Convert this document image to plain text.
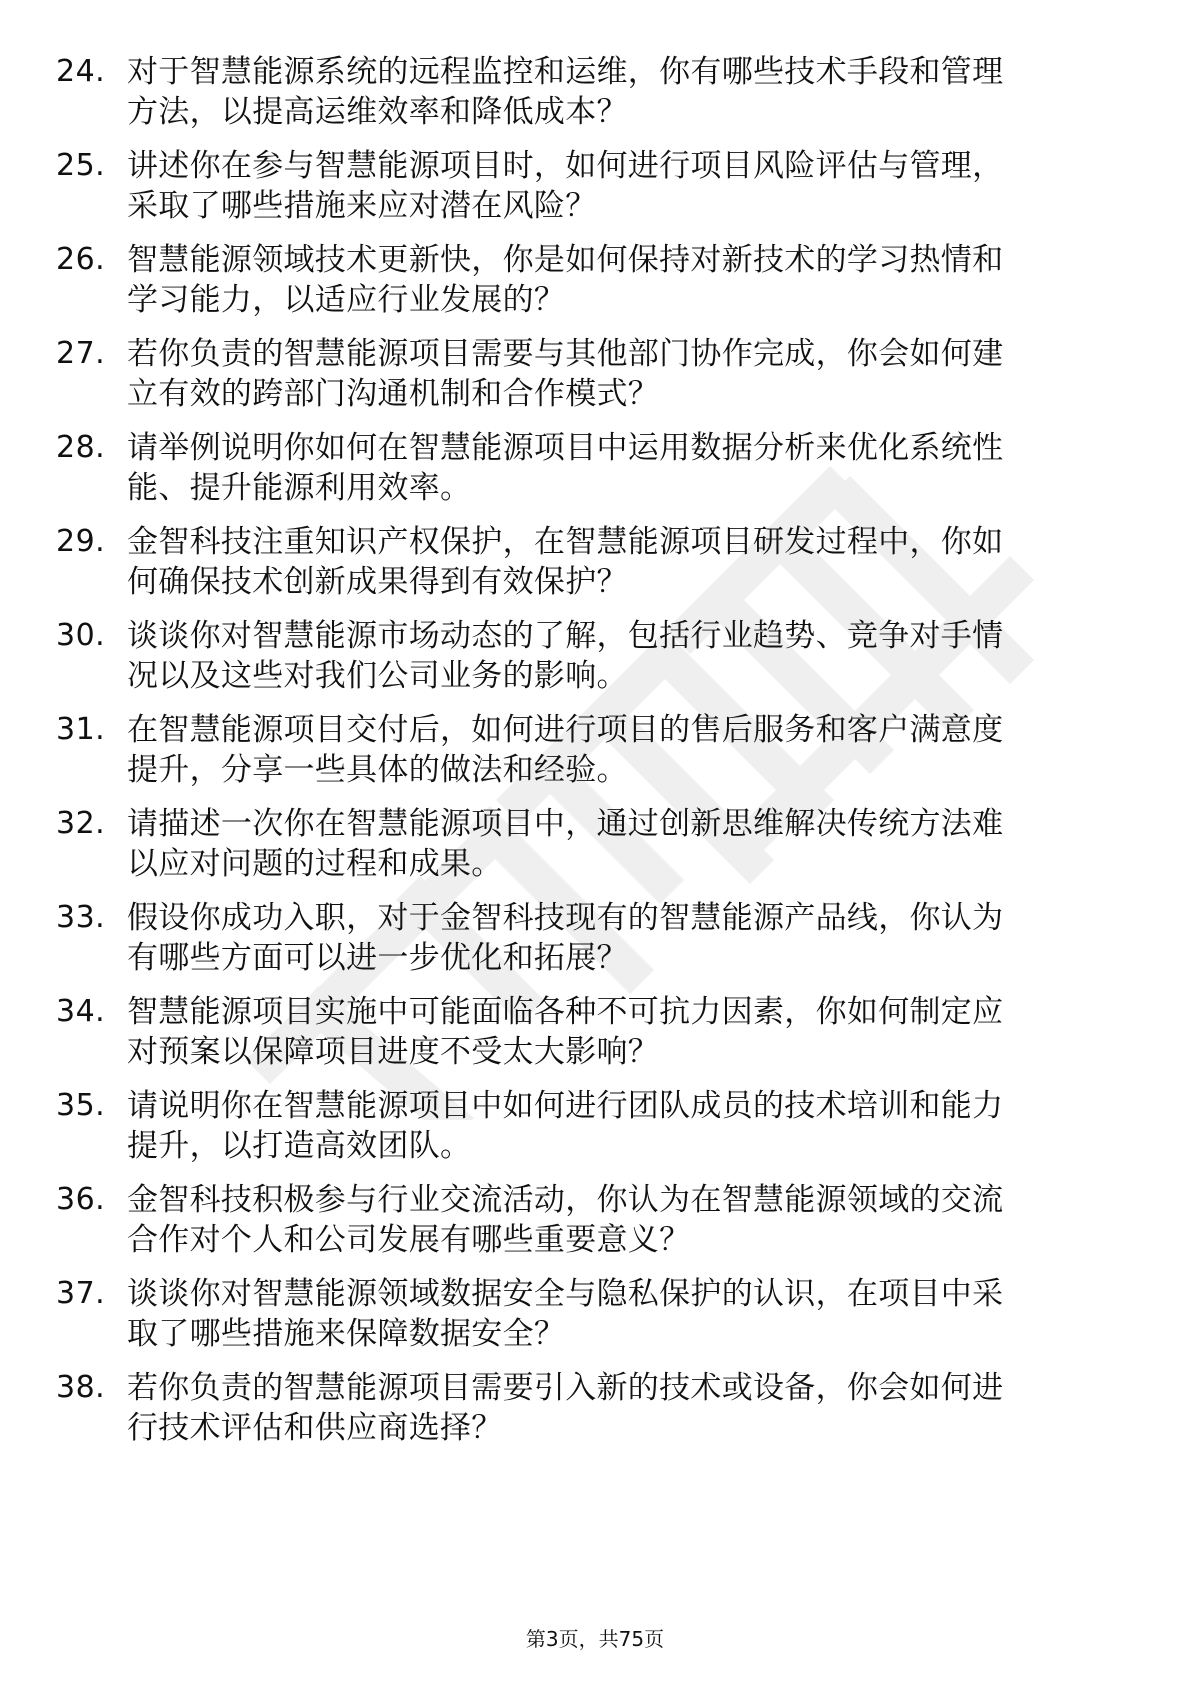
24. 对于智慧能源系统的远程监控和运维，你有哪些技术手段和管理
方法，以提高运维效率和降低成本？
25. 讲述你在参与智慧能源项目时，如何进行项目风险评估与管理，
采取了哪些措施来应对潜在风险？
26. 智慧能源领域技术更新快，你是如何保持对新技术的学习热情和
学习能力，以适应行业发展的？
27. 若你负责的智慧能源项目需要与其他部门协作完成，你会如何建
立有效的跨部门沟通机制和合作模式？
28. 请举例说明你如何在智慧能源项目中运用数据分析来优化系统性
能、提升能源利用效率。
29. 金智科技注重知识产权保护，在智慧能源项目研发过程中，你如
何确保技术创新成果得到有效保护？
30. 谈谈你对智慧能源市场动态的了解，包括行业趋势、竞争对手情
况以及这些对我们公司业务的影响。
31. 在智慧能源项目交付后，如何进行项目的售后服务和客户满意度
提升，分享一些具体的做法和经验。
32. 请描述一次你在智慧能源项目中，通过创新思维解决传统方法难
以应对问题的过程和成果。
33. 假设你成功入职，对于金智科技现有的智慧能源产品线，你认为
有哪些方面可以进一步优化和拓展？
34. 智慧能源项目实施中可能面临各种不可抗力因素，你如何制定应
对预案以保障项目进度不受太大影响？
35. 请说明你在智慧能源项目中如何进行团队成员的技术培训和能力
提升，以打造高效团队。
36. 金智科技积极参与行业交流活动，你认为在智慧能源领域的交流
合作对个人和公司发展有哪些重要意义？
37. 谈谈你对智慧能源领域数据安全与隐私保护的认识，在项目中采
取了哪些措施来保障数据安全？
38. 若你负责的智慧能源项目需要引入新的技术或设备，你会如何进
行技术评估和供应商选择？
第3页，共75页
